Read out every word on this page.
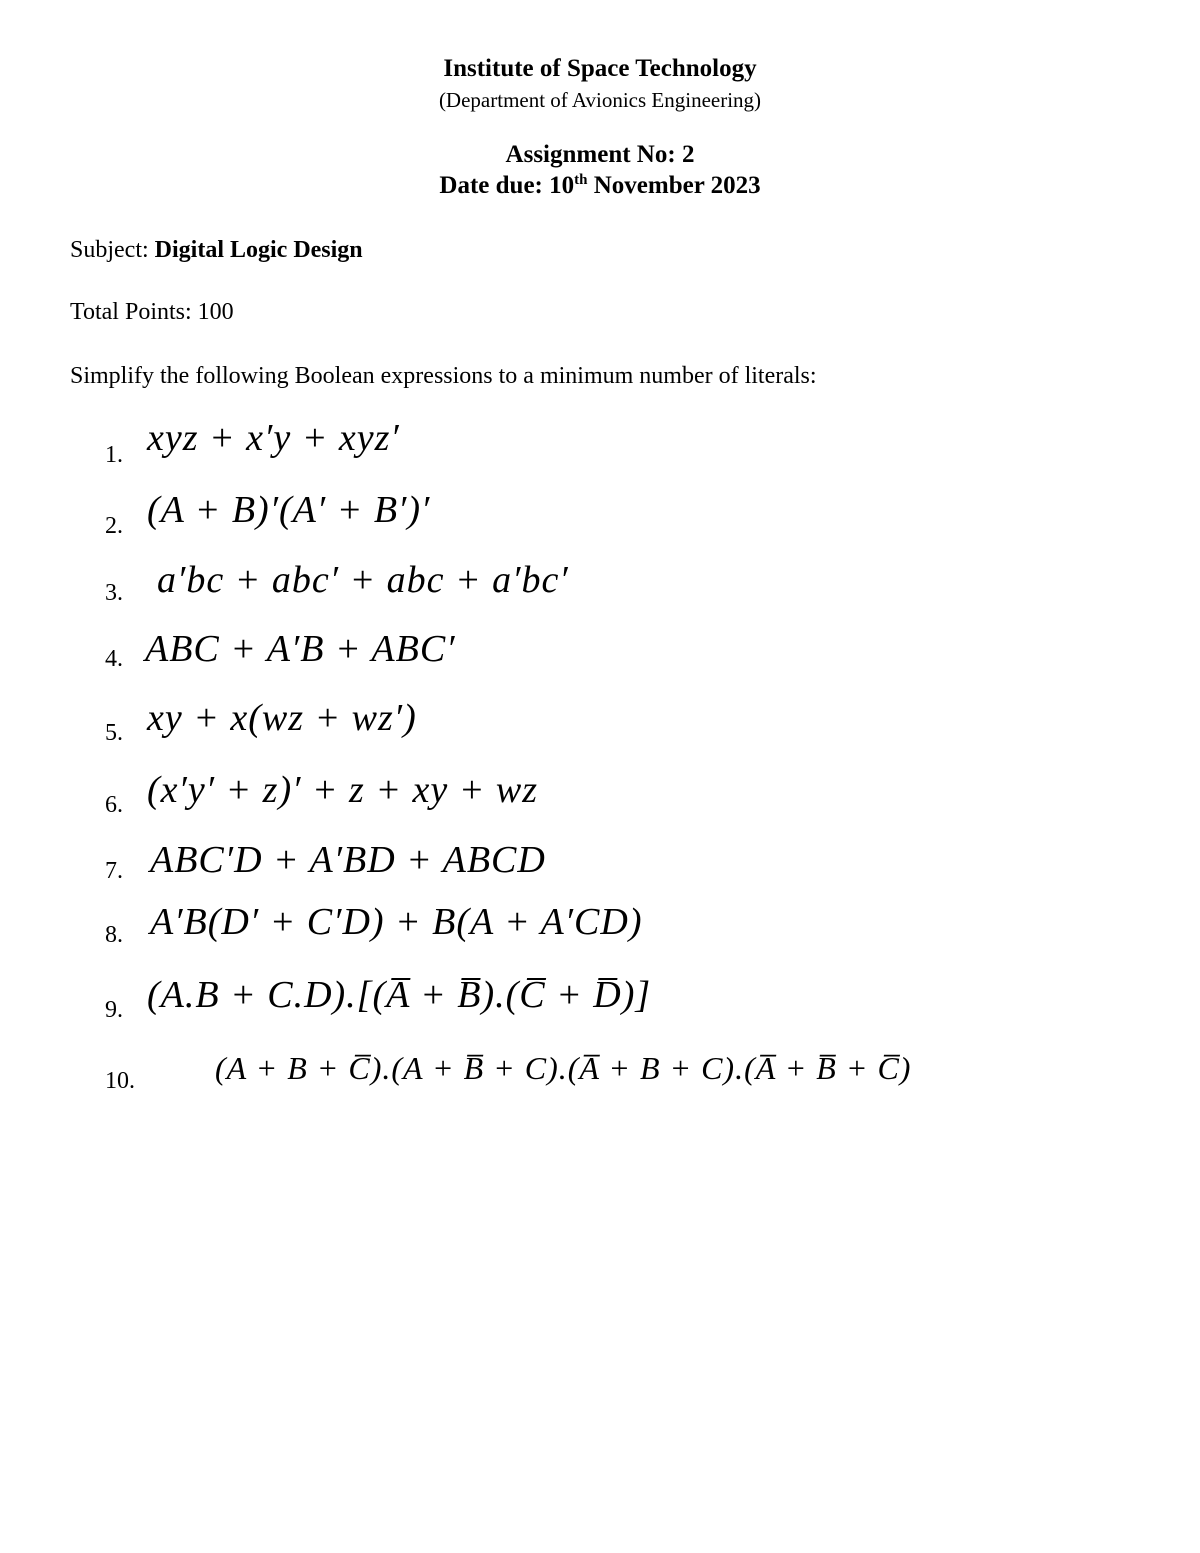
Institute of Space Technology
(Department of Avionics Engineering)
Assignment No: 2
Date due: 10th November 2023
Subject: Digital Logic Design
Total Points: 100
Simplify the following Boolean expressions to a minimum number of literals:
1. xyz + x′y + xyz′
2. (A + B)′(A′ + B′)′
3. a′bc + abc′ + abc + a′bc′
4. ABC + A′B + ABC′
5. xy + x(wz + wz′)
6. (x′y′ + z)′ + z + xy + wz
7. ABC′D + A′BD + ABCD
8. A′B(D′ + C′D) + B(A + A′CD)
9. (A.B + C.D).[(A̅ + B̅).(C̅ + D̅)]
10.	(A + B + C̅).(A + B̅ + C).(A̅ + B + C).(A̅ + B̅ + C̅)
